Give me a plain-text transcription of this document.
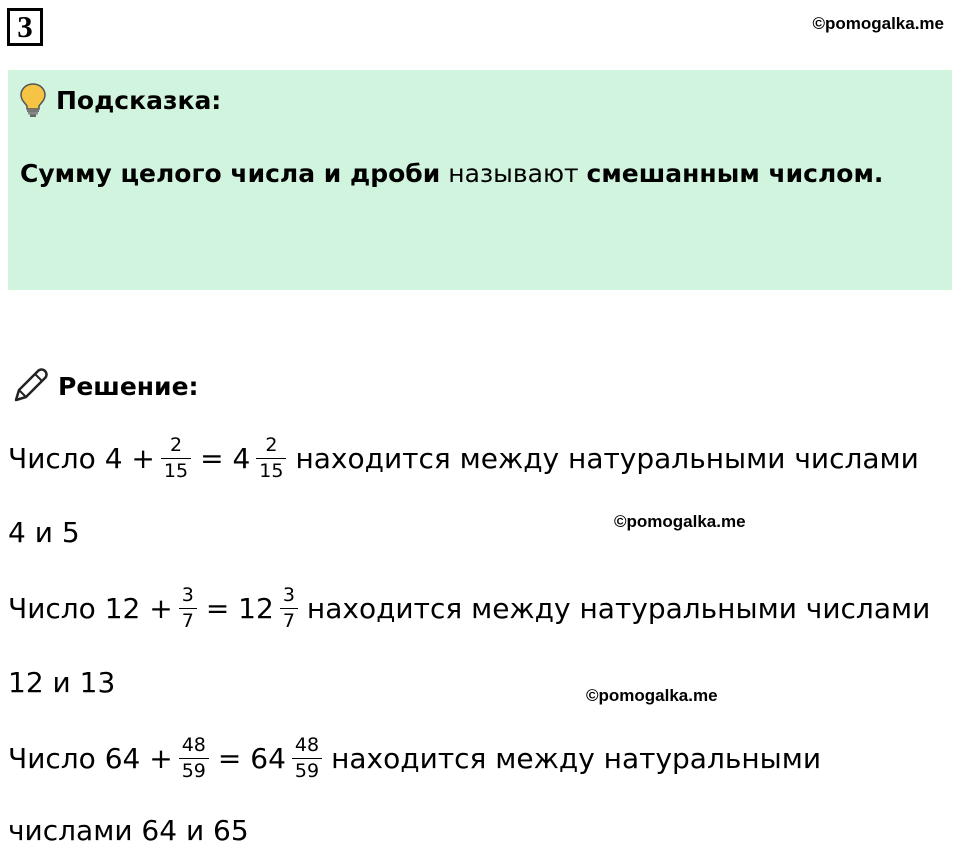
3	©pomogalka.me
Подсказка:

Сумму целого числа и дроби называют смешанным числом.

Решение:
Число $4 + \frac{2}{15} = 4 \frac{2}{15}$ находится между натуральными числами
4 и 5	©pomogalka.me
Число $12 + \frac{3}{7} = 12 \frac{3}{7}$ находится между натуральными числами
12 и 13	©pomogalka.me
Число $64 + \frac{48}{59} = 64 \frac{48}{59}$ находится между натуральными
числами 64 и 65
